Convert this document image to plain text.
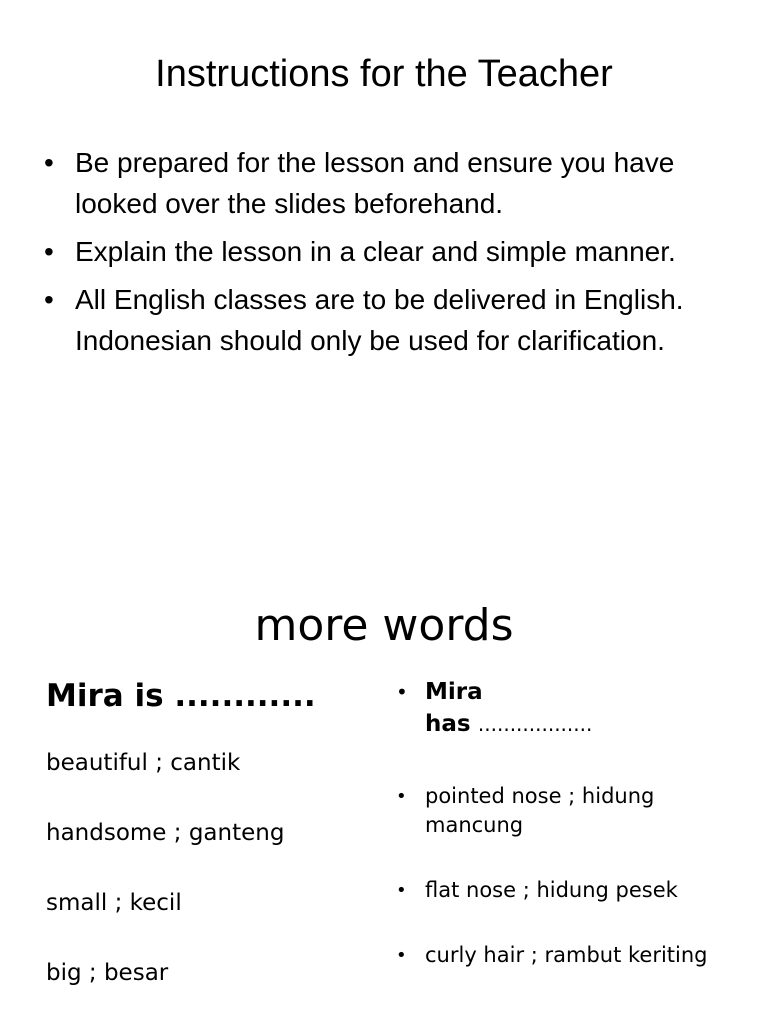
Instructions for the Teacher
• Be prepared for the lesson and ensure you have looked over the slides beforehand.
• Explain the lesson in a clear and simple manner.
• All English classes are to be delivered in English. Indonesian should only be used for clarification.
more words
Mira is ............
beautiful ; cantik
handsome ; ganteng
small ; kecil
big ; besar
• Mira
has ..................
• pointed nose ; hidung mancung
• flat nose ; hidung pesek
• curly hair ; rambut keriting
